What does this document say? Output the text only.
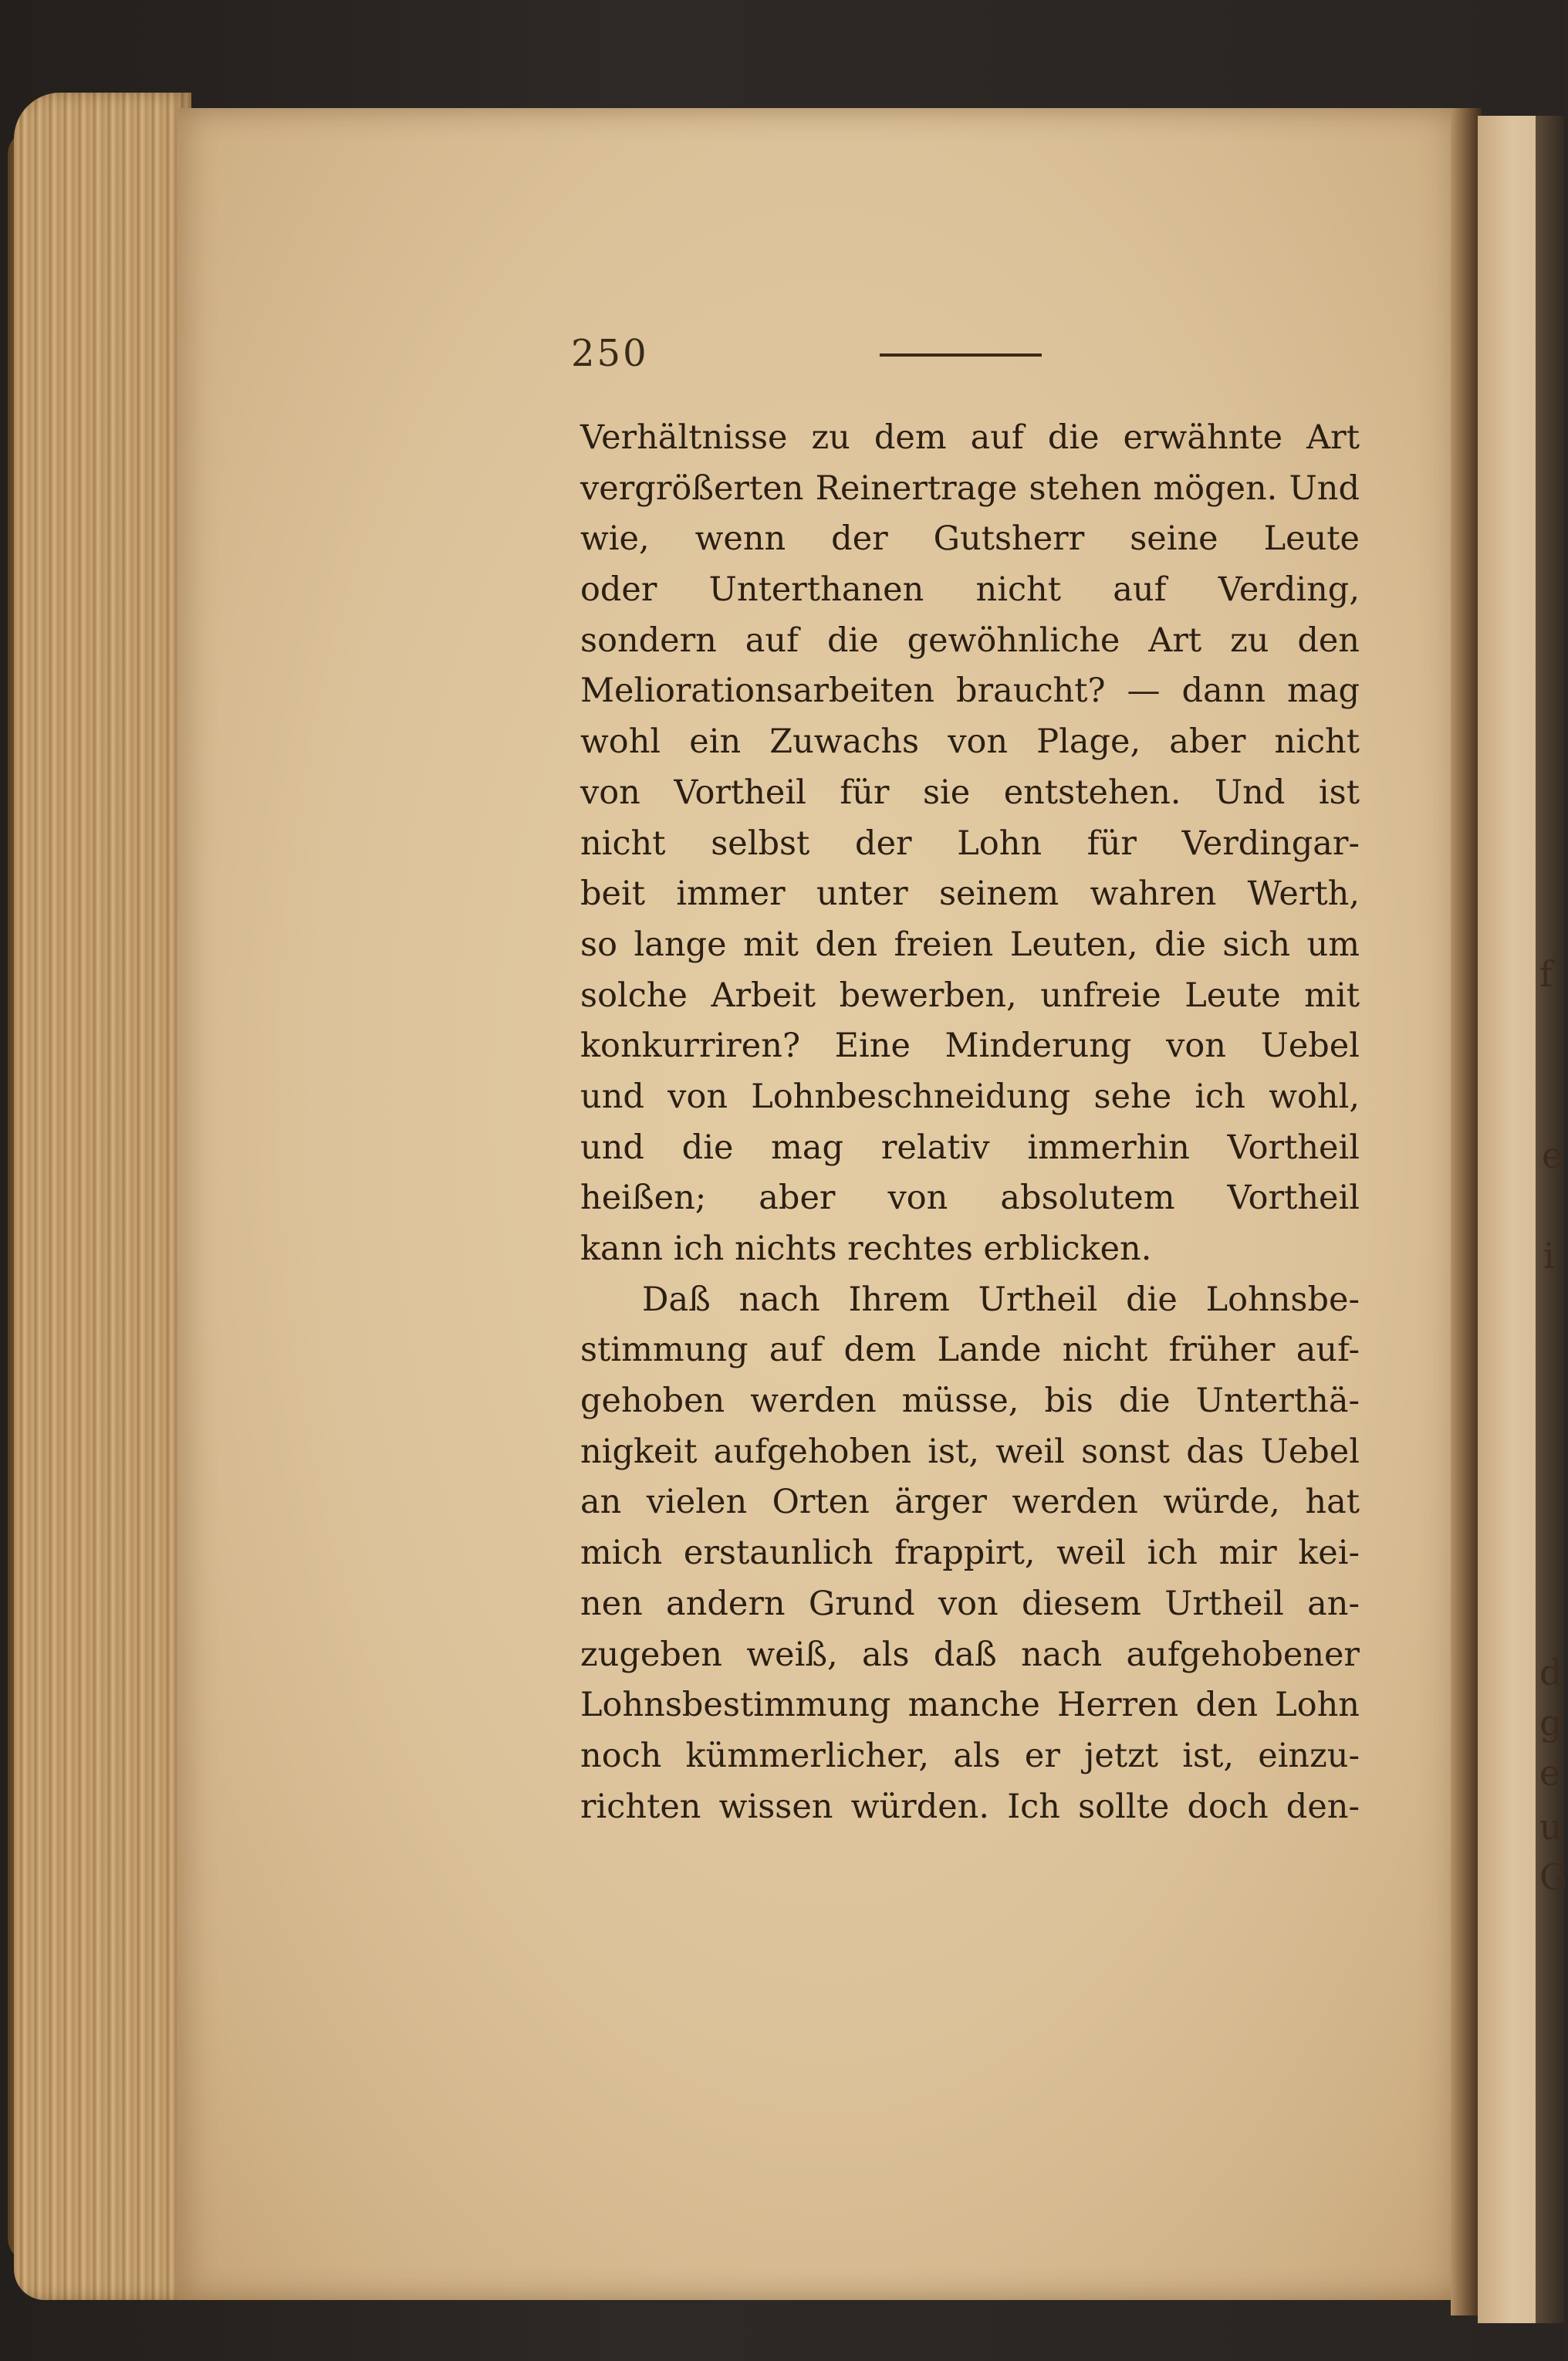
f
e
i
d
g
e
u
G
250
Verhältnisse zu dem auf die erwähnte Art
vergrößerten Reinertrage stehen mögen. Und
wie, wenn der Gutsherr seine Leute
oder Unterthanen nicht auf Verding,
sondern auf die gewöhnliche Art zu den
Meliorationsarbeiten braucht? — dann mag
wohl ein Zuwachs von Plage, aber nicht
von Vortheil für sie entstehen. Und ist
nicht selbst der Lohn für Verdingar-
beit immer unter seinem wahren Werth,
so lange mit den freien Leuten, die sich um
solche Arbeit bewerben, unfreie Leute mit
konkurriren? Eine Minderung von Uebel
und von Lohnbeschneidung sehe ich wohl,
und die mag relativ immerhin Vortheil
heißen; aber von absolutem Vortheil
kann ich nichts rechtes erblicken.
Daß nach Ihrem Urtheil die Lohnsbe-
stimmung auf dem Lande nicht früher auf-
gehoben werden müsse, bis die Unterthä-
nigkeit aufgehoben ist, weil sonst das Uebel
an vielen Orten ärger werden würde, hat
mich erstaunlich frappirt, weil ich mir kei-
nen andern Grund von diesem Urtheil an-
zugeben weiß, als daß nach aufgehobener
Lohnsbestimmung manche Herren den Lohn
noch kümmerlicher, als er jetzt ist, einzu-
richten wissen würden. Ich sollte doch den-
